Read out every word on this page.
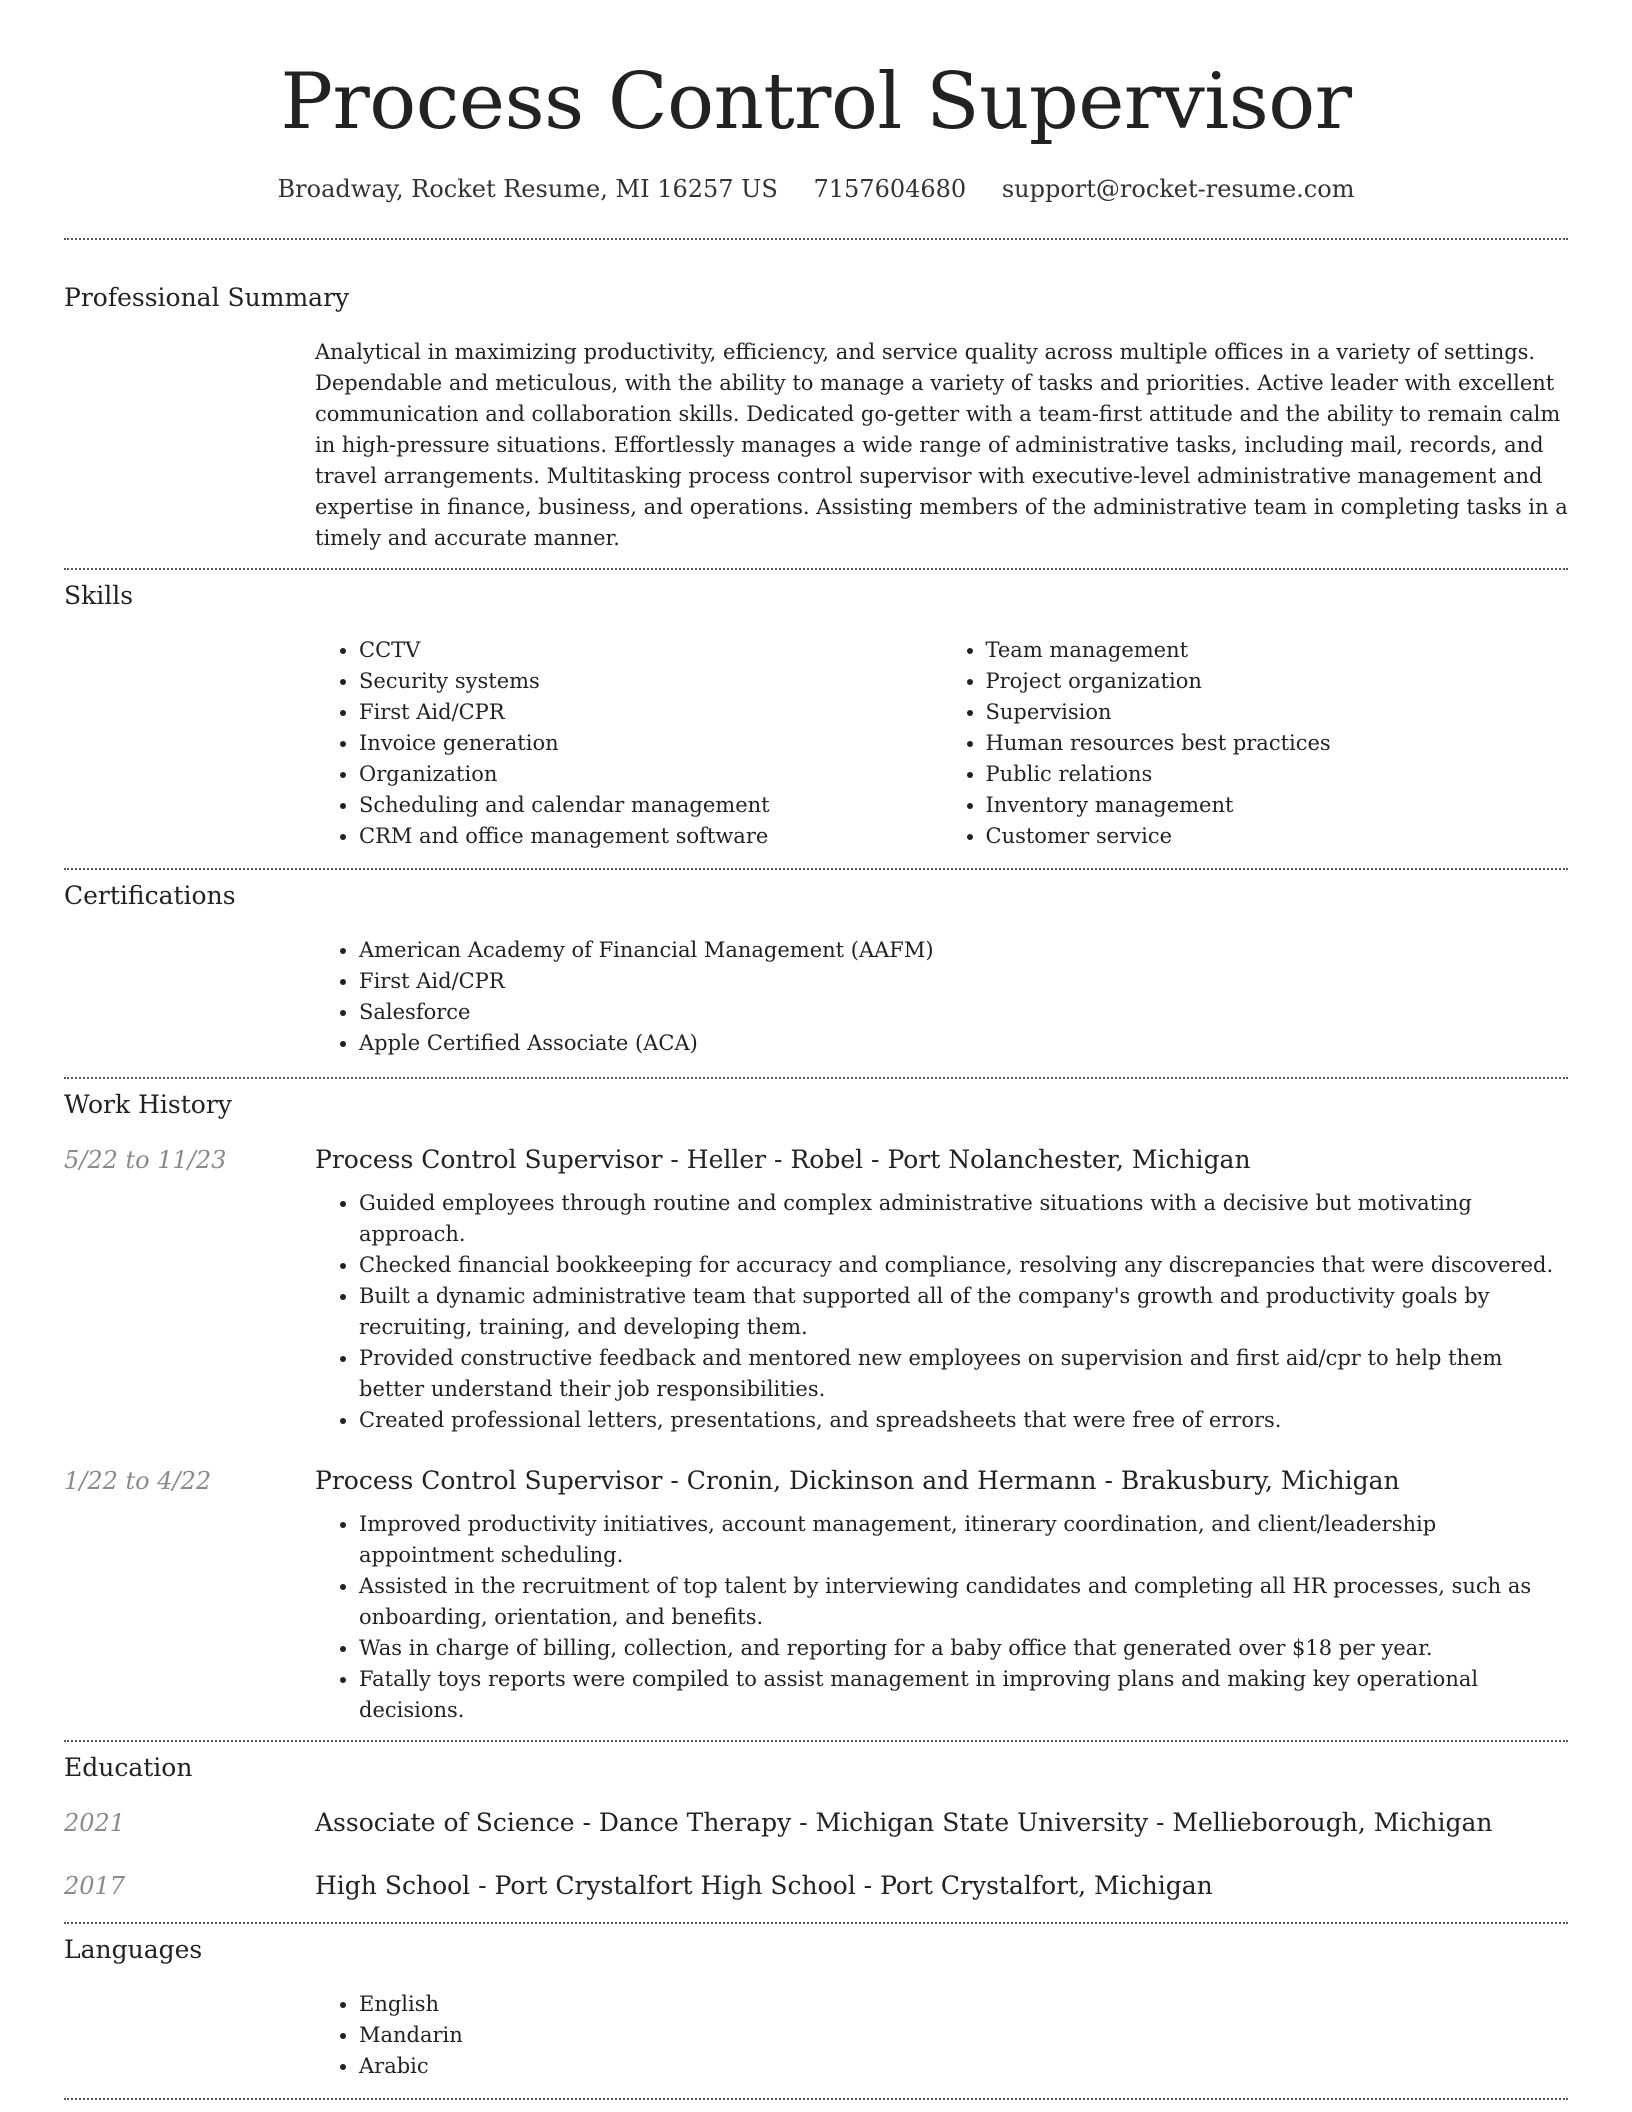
Process Control Supervisor
Broadway, Rocket Resume, MI 16257 US 7157604680 support@rocket-resume.com
Professional Summary

Analytical in maximizing productivity, efficiency, and service quality across multiple offices in a variety of settings. Dependable and meticulous, with the ability to manage a variety of tasks and priorities. Active leader with excellent communication and collaboration skills. Dedicated go-getter with a team-first attitude and the ability to remain calm in high-pressure situations. Effortlessly manages a wide range of administrative tasks, including mail, records, and travel arrangements. Multitasking process control supervisor with executive-level administrative management and expertise in finance, business, and operations. Assisting members of the administrative team in completing tasks in a timely and accurate manner.

Skills
• CCTV
• Security systems
• First Aid/CPR
• Invoice generation
• Organization
• Scheduling and calendar management
• CRM and office management software
• Team management
• Project organization
• Supervision
• Human resources best practices
• Public relations
• Inventory management
• Customer service
Certifications
• American Academy of Financial Management (AAFM)
• First Aid/CPR
• Salesforce
• Apple Certified Associate (ACA)
Work History
5/22 to 11/23	Process Control Supervisor - Heller - Robel - Port Nolanchester, Michigan
• Guided employees through routine and complex administrative situations with a decisive but motivating approach.
• Checked financial bookkeeping for accuracy and compliance, resolving any discrepancies that were discovered.
• Built a dynamic administrative team that supported all of the company's growth and productivity goals by recruiting, training, and developing them.
• Provided constructive feedback and mentored new employees on supervision and first aid/cpr to help them better understand their job responsibilities.
• Created professional letters, presentations, and spreadsheets that were free of errors.
1/22 to 4/22	Process Control Supervisor - Cronin, Dickinson and Hermann - Brakusbury, Michigan
• Improved productivity initiatives, account management, itinerary coordination, and client/leadership appointment scheduling.
• Assisted in the recruitment of top talent by interviewing candidates and completing all HR processes, such as onboarding, orientation, and benefits.
• Was in charge of billing, collection, and reporting for a baby office that generated over $18 per year.
• Fatally toys reports were compiled to assist management in improving plans and making key operational decisions.
Education
2021	Associate of Science - Dance Therapy - Michigan State University - Mellieborough, Michigan
2017	High School - Port Crystalfort High School - Port Crystalfort, Michigan
Languages
• English
• Mandarin
• Arabic
